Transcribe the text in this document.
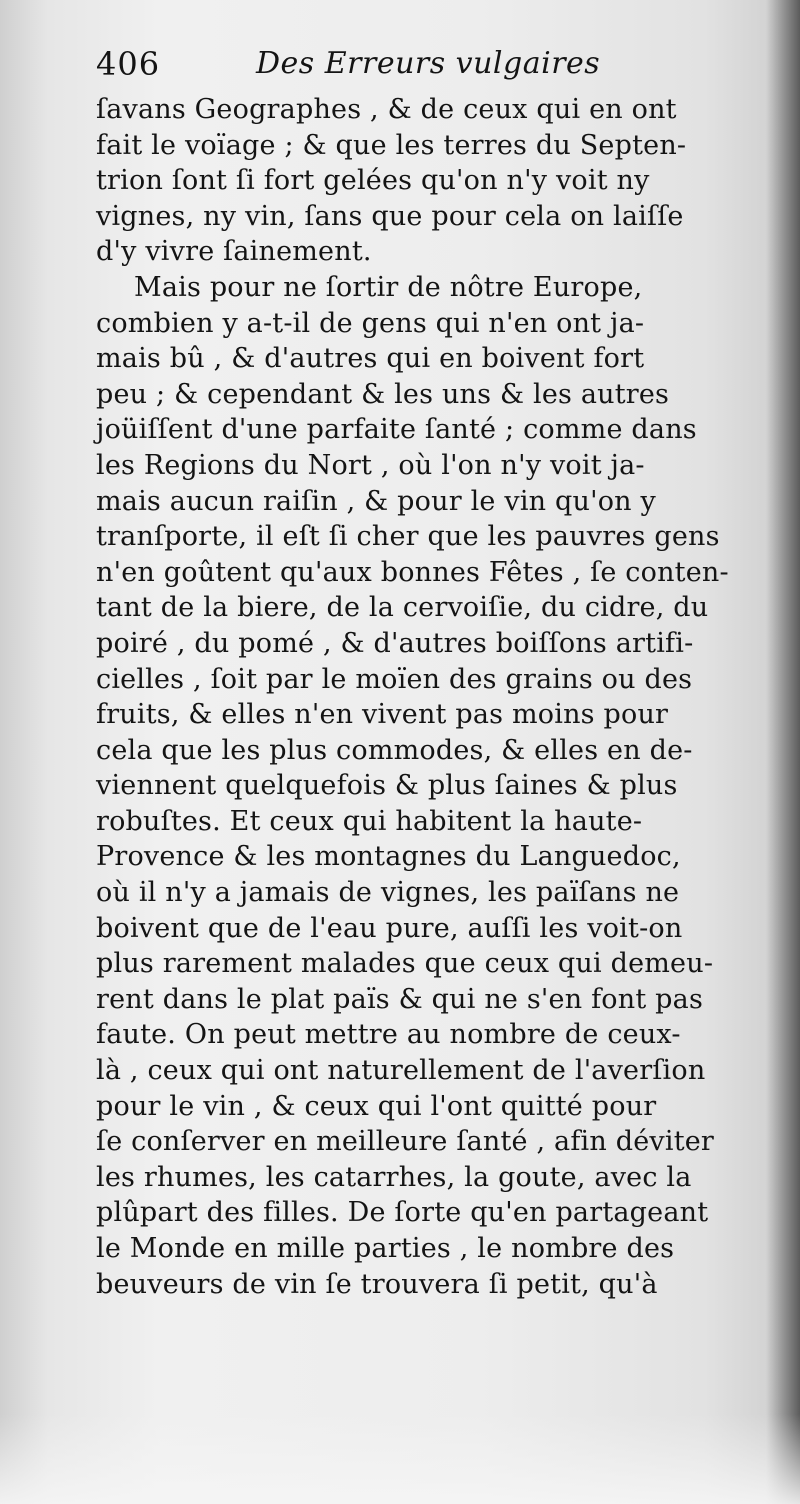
406	Des Erreurs vulgaires
ſavans Geographes , & de ceux qui en ont
fait le voïage ; & que les terres du Septen-
trion ſont ſi fort gelées qu'on n'y voit ny
vignes, ny vin, ſans que pour cela on laiſſe
d'y vivre ſainement.
Mais pour ne ſortir de nôtre Europe,
combien y a-t-il de gens qui n'en ont ja-
mais bû , & d'autres qui en boivent fort
peu ; & cependant & les uns & les autres
joüiſſent d'une parfaite ſanté ; comme dans
les Regions du Nort , où l'on n'y voit ja-
mais aucun raiſin , & pour le vin qu'on y
tranſporte, il eſt ſi cher que les pauvres gens
n'en goûtent qu'aux bonnes Fêtes , ſe conten-
tant de la biere, de la cervoiſie, du cidre, du
poiré , du pomé , & d'autres boiſſons artifi-
cielles , ſoit par le moïen des grains ou des
fruits, & elles n'en vivent pas moins pour
cela que les plus commodes, & elles en de-
viennent quelquefois & plus ſaines & plus
robuſtes. Et ceux qui habitent la haute-
Provence & les montagnes du Languedoc,
où il n'y a jamais de vignes, les païſans ne
boivent que de l'eau pure, auſſi les voit-on
plus rarement malades que ceux qui demeu-
rent dans le plat païs & qui ne s'en font pas
faute. On peut mettre au nombre de ceux-
là , ceux qui ont naturellement de l'averſion
pour le vin , & ceux qui l'ont quitté pour
ſe conſerver en meilleure ſanté , afin déviter
les rhumes, les catarrhes, la goute, avec la
plûpart des filles. De ſorte qu'en partageant
le Monde en mille parties , le nombre des
beuveurs de vin ſe trouvera ſi petit, qu'à
